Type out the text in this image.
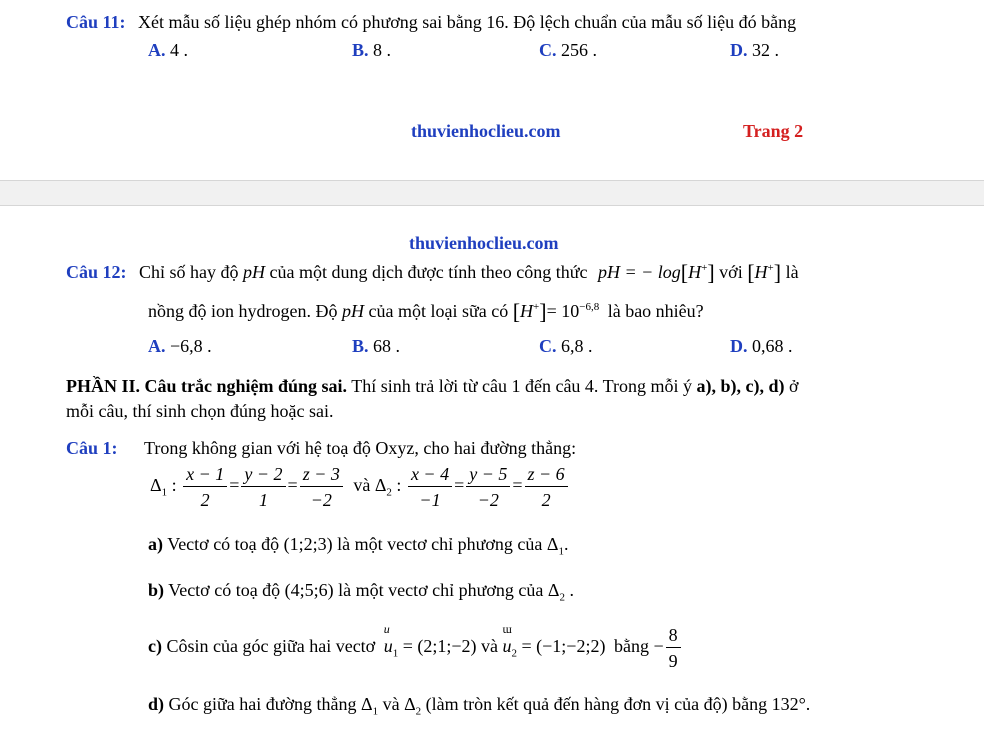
Câu 11: Xét mẫu số liệu ghép nhóm có phương sai bằng 16. Độ lệch chuẩn của mẫu số liệu đó bằng
A. 4 .	B. 8 .	C. 256 .	D. 32 .
thuvienhoclieu.com	Trang 2
thuvienhoclieu.com
Câu 12: Chỉ số hay độ pH của một dung dịch được tính theo công thức pH = − log[H+] với [H+] là
nồng độ ion hydrogen. Độ pH của một loại sữa có $[H^+]= 10^{-6,8}$ là bao nhiêu?
A. −6,8 .	B. 68 .	C. 6,8 .	D. 0,68 .
PHẦN II. Câu trắc nghiệm đúng sai. Thí sinh trả lời từ câu 1 đến câu 4. Trong mỗi ý a), b), c), d) ở
mỗi câu, thí sinh chọn đúng hoặc sai.
Câu 1: Trong không gian với hệ toạ độ Oxyz, cho hai đường thẳng:
$\Delta_1$ : $\frac{x - 1}{2} = \frac{y - 2}{1} = \frac{z - 3}{-2}$ và $\Delta_2$ : $\frac{x - 4}{-1} = \frac{y - 5}{-2} = \frac{z - 6}{2}$
a) Vectơ có toạ độ (1;2;3) là một vectơ chỉ phương của $\Delta_1$.
b) Vectơ có toạ độ (4;5;6) là một vectơ chỉ phương của $\Delta_2$ .
c) Côsin của góc giữa hai vectơ
u
$u_1$ = (2;1;−2) và
ɯ
$u_2$ = (−1;−2;2) bằng − $\frac{8}{9}$
d) Góc giữa hai đường thẳng $\Delta_1$ và $\Delta_2$ (làm tròn kết quả đến hàng đơn vị của độ) bằng 132°.
